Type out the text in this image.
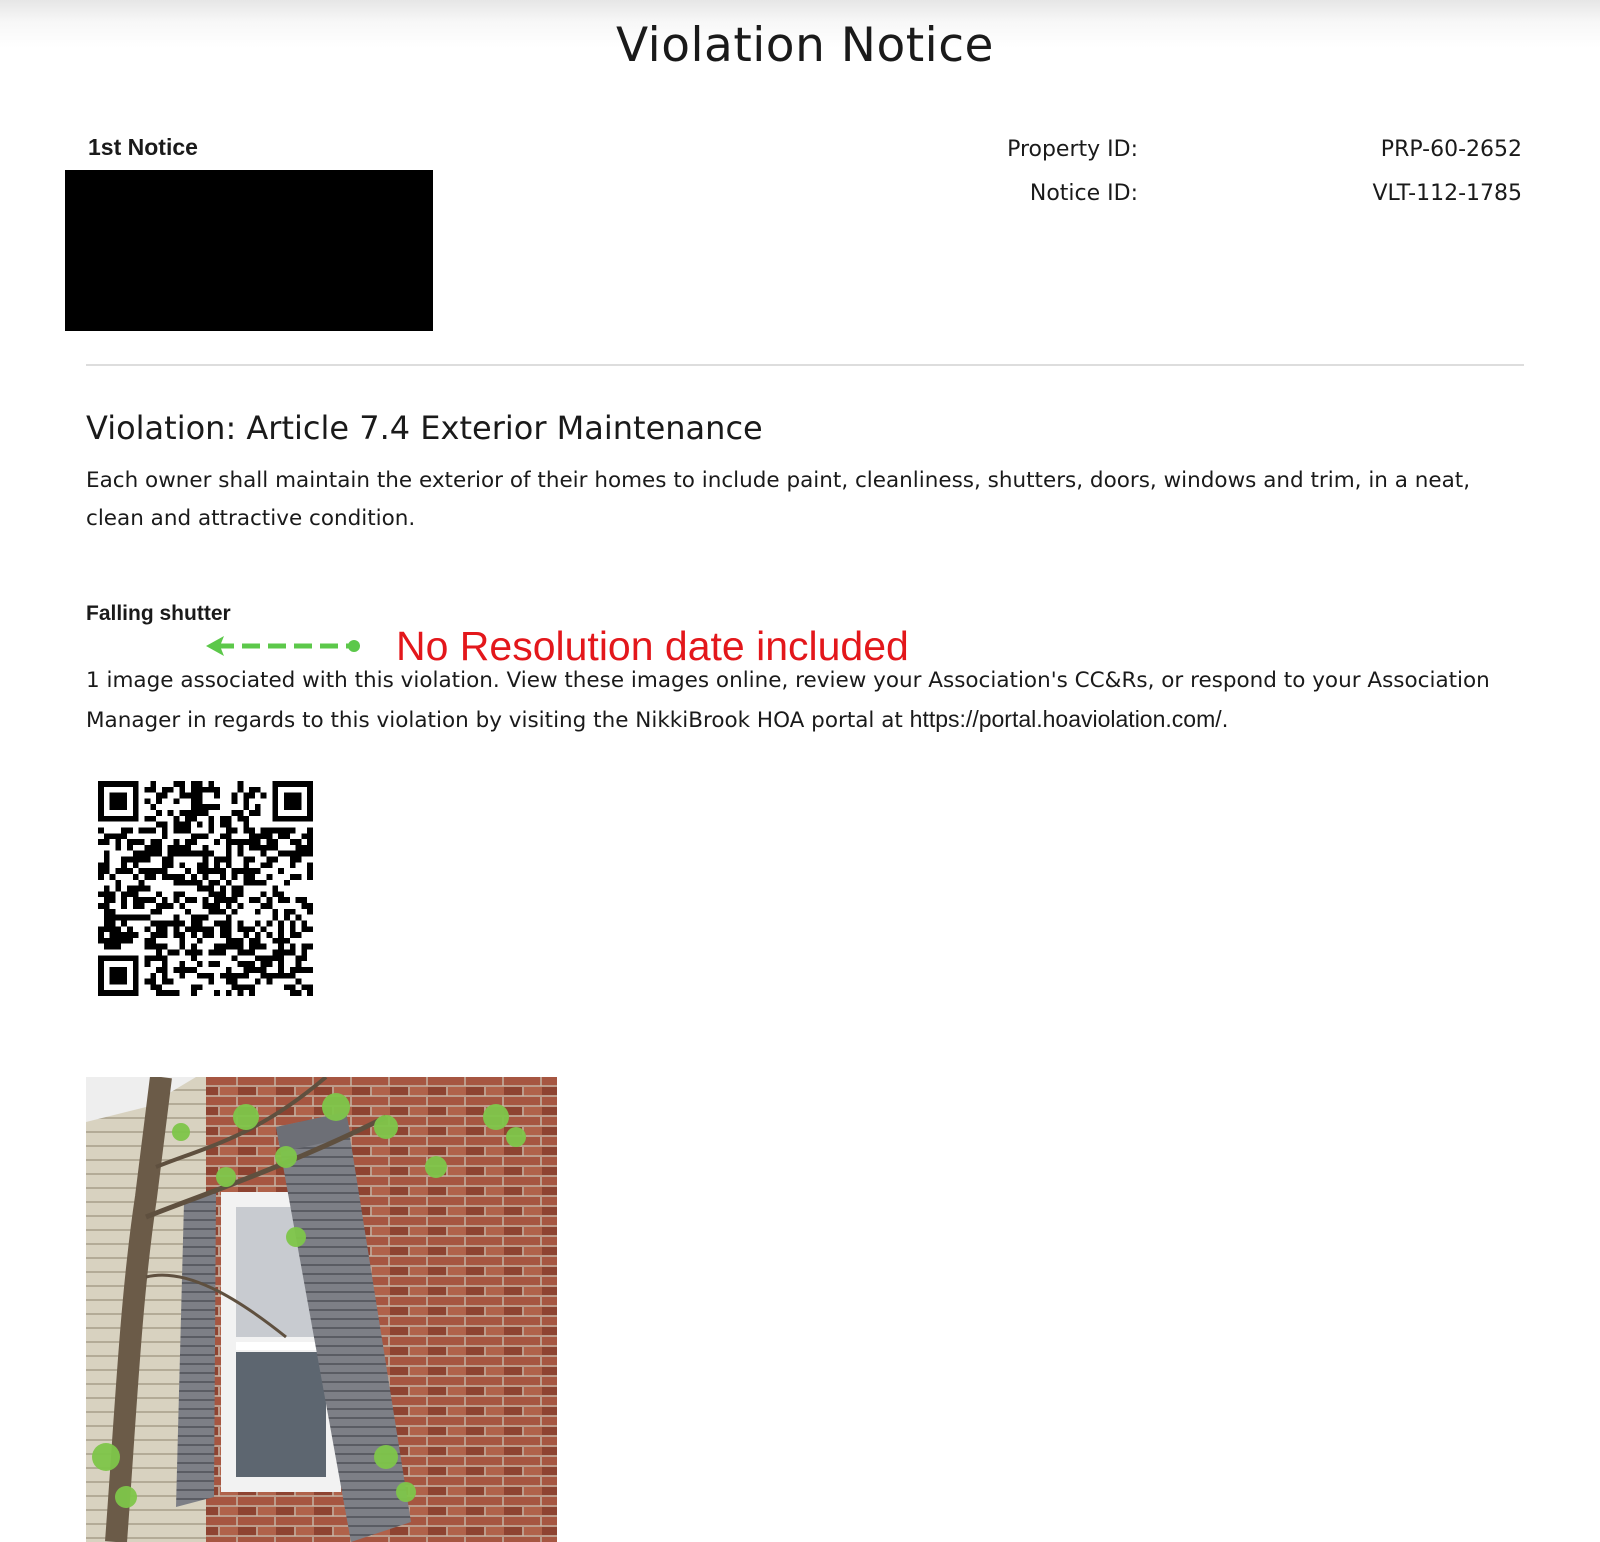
Violation Notice
1st Notice	Property ID:	PRP-60-2652
Notice ID:	VLT-112-1785
Violation: Article 7.4 Exterior Maintenance

Each owner shall maintain the exterior of their homes to include paint, cleanliness, shutters, doors, windows and trim, in a neat, clean and attractive condition.

Falling shutter
No Resolution date included

1 image associated with this violation. View these images online, review your Association's CC&Rs, or respond to your Association Manager in regards to this violation by visiting the NikkiBrook HOA portal at https://portal.hoaviolation.com/.
